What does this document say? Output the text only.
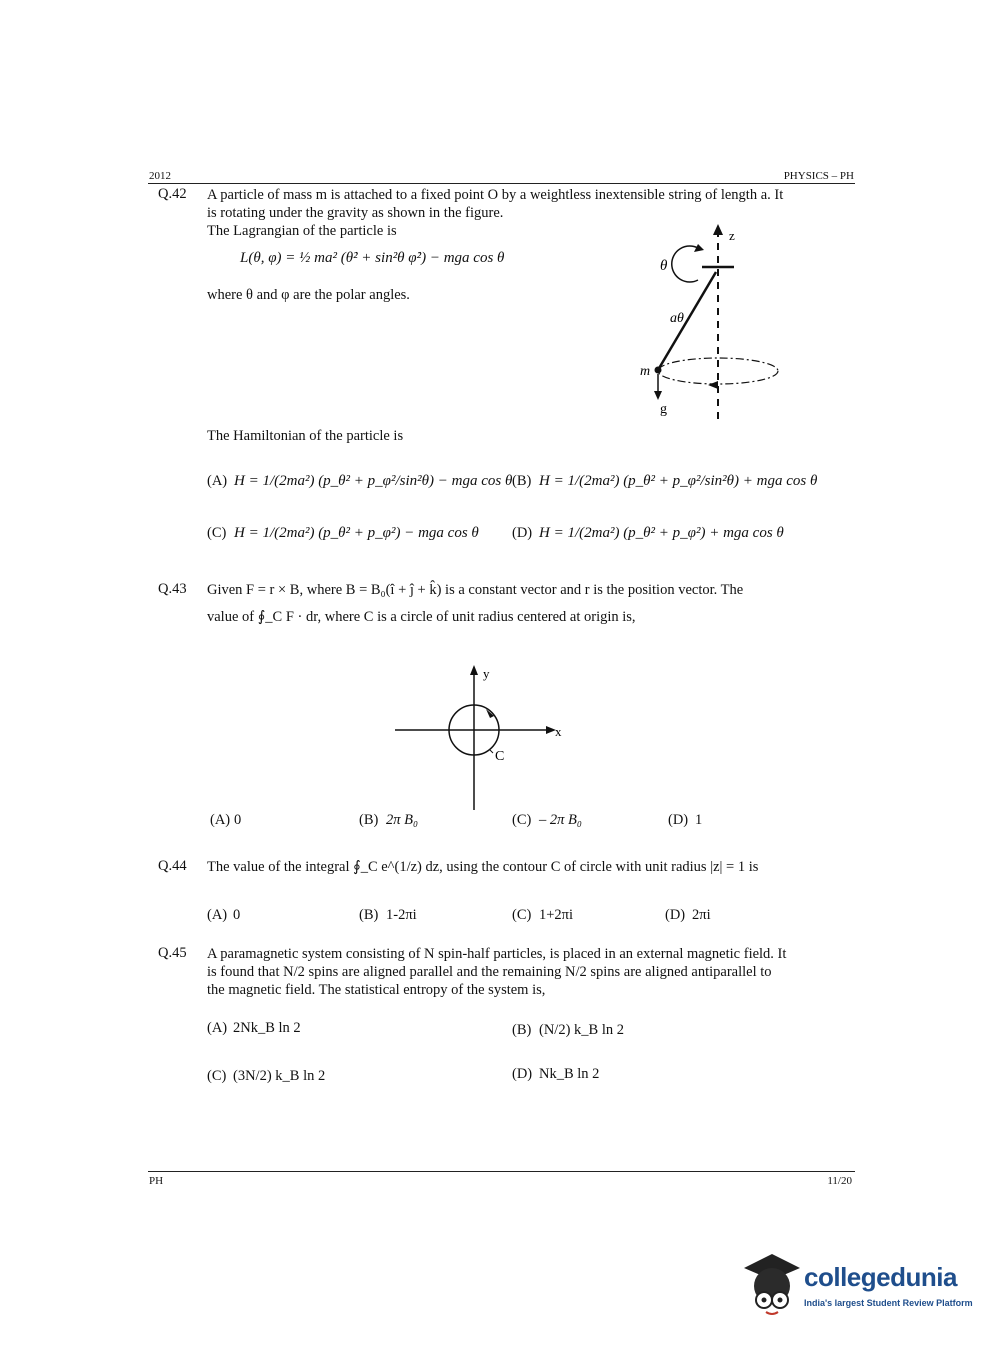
2012	PHYSICS – PH
Q.42 A particle of mass m is attached to a fixed point O by a weightless inextensible string of length a. It
is rotating under the gravity as shown in the figure.
The Lagrangian of the particle is
L(θ, φ) = ½ ma² (θ̇² + sin²θ φ̇²) − mga cos θ
where θ and φ are the polar angles.
z
θ
aθ
m
g
The Hamiltonian of the particle is
(A) H = 1/(2ma²) (p_θ² + p_φ²/sin²θ) − mga cos θ (B) H = 1/(2ma²) (p_θ² + p_φ²/sin²θ) + mga cos θ
(C) H = 1/(2ma²) (p_θ² + p_φ²) − mga cos θ (D) H = 1/(2ma²) (p_θ² + p_φ²) + mga cos θ
Q.43 Given F = r × B, where B = B₀(î + ĵ + k̂) is a constant vector and r is the position vector. The
value of ∮_C F · dr, where C is a circle of unit radius centered at origin is,
x
y
C
(A) 0	(B) 2π B₀	(C) – 2π B₀	(D) 1
Q.44 The value of the integral ∮_C e^(1/z) dz, using the contour C of circle with unit radius |z| = 1 is
(A) 0	(B) 1-2πi	(C) 1+2πi	(D) 2πi
Q.45 A paramagnetic system consisting of N spin-half particles, is placed in an external magnetic field. It
is found that N/2 spins are aligned parallel and the remaining N/2 spins are aligned antiparallel to
the magnetic field. The statistical entropy of the system is,
(A) 2Nk_B ln 2	(B) (N/2) k_B ln 2
(C) (3N/2) k_B ln 2	(D) Nk_B ln 2
PH	11/20
collegedunia
India's largest Student Review Platform
